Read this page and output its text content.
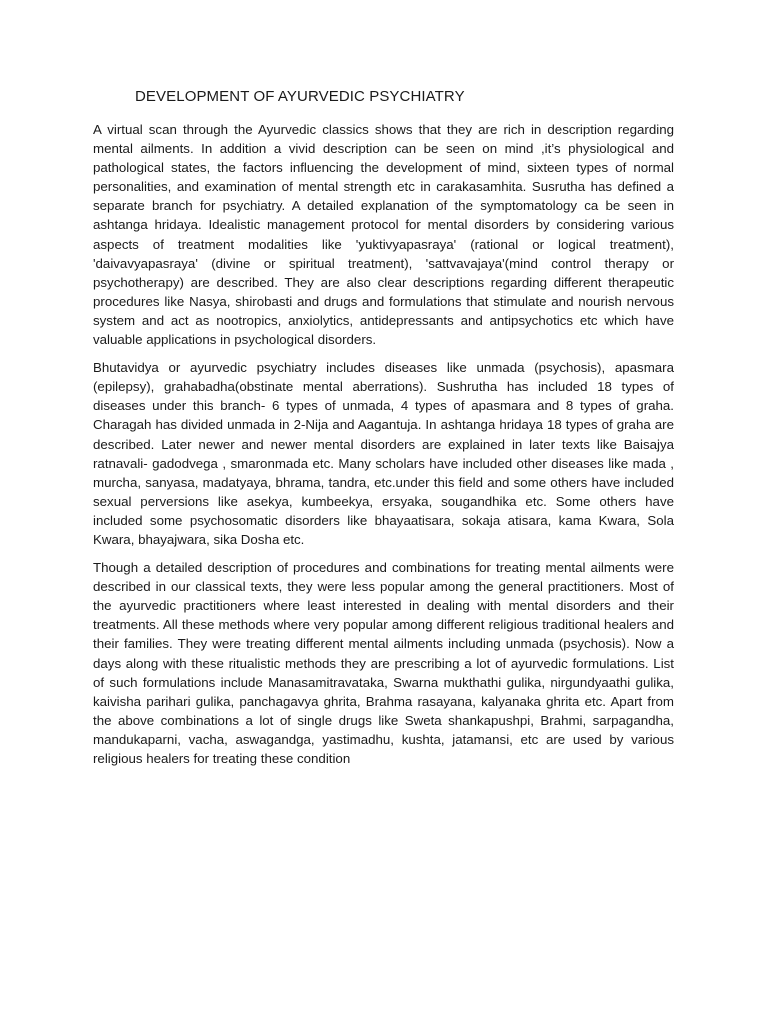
DEVELOPMENT OF AYURVEDIC PSYCHIATRY

A virtual scan through the Ayurvedic classics shows that they are rich in description regarding mental ailments. In addition a vivid description can be seen on mind ,it’s physiological and pathological states, the factors influencing the development of mind, sixteen types of normal personalities, and examination of mental strength etc in carakasamhita. Susrutha has defined a separate branch for psychiatry. A detailed explanation of the symptomatology ca be seen in ashtanga hridaya. Idealistic management protocol for mental disorders by considering various aspects of treatment modalities like 'yuktivyapasraya' (rational or logical treatment), 'daivavyapasraya' (divine or spiritual treatment), 'sattvavajaya'(mind control therapy or psychotherapy) are described. They are also clear descriptions regarding different therapeutic procedures like Nasya, shirobasti and drugs and formulations that stimulate and nourish nervous system and act as nootropics, anxiolytics, antidepressants and antipsychotics etc which have valuable applications in psychological disorders.

Bhutavidya or ayurvedic psychiatry includes diseases like unmada (psychosis), apasmara (epilepsy), grahabadha(obstinate mental aberrations). Sushrutha has included 18 types of diseases under this branch- 6 types of unmada, 4 types of apasmara and 8 types of graha. Charagah has divided unmada in 2-Nija and Aagantuja. In ashtanga hridaya 18 types of graha are described. Later newer and newer mental disorders are explained in later texts like Baisajya ratnavali- gadodvega , smaronmada etc. Many scholars have included other diseases like mada , murcha, sanyasa, madatyaya, bhrama, tandra, etc.under this field and some others have included sexual perversions like asekya, kumbeekya, ersyaka, sougandhika etc. Some others have included some psychosomatic disorders like bhayaatisara, sokaja atisara, kama Kwara, Sola Kwara, bhayajwara, sika Dosha etc.

Though a detailed description of procedures and combinations for treating mental ailments were described in our classical texts, they were less popular among the general practitioners. Most of the ayurvedic practitioners where least interested in dealing with mental disorders and their treatments. All these methods where very popular among different religious traditional healers and their families. They were treating different mental ailments including unmada (psychosis). Now a days along with these ritualistic methods they are prescribing a lot of ayurvedic formulations. List of such formulations include Manasamitravataka, Swarna mukthathi gulika, nirgundyaathi gulika, kaivisha parihari gulika, panchagavya ghrita, Brahma rasayana, kalyanaka ghrita etc. Apart from the above combinations a lot of single drugs like Sweta shankapushpi, Brahmi, sarpagandha, mandukaparni, vacha, aswagandga, yastimadhu, kushta, jatamansi, etc are used by various religious healers for treating these condition
